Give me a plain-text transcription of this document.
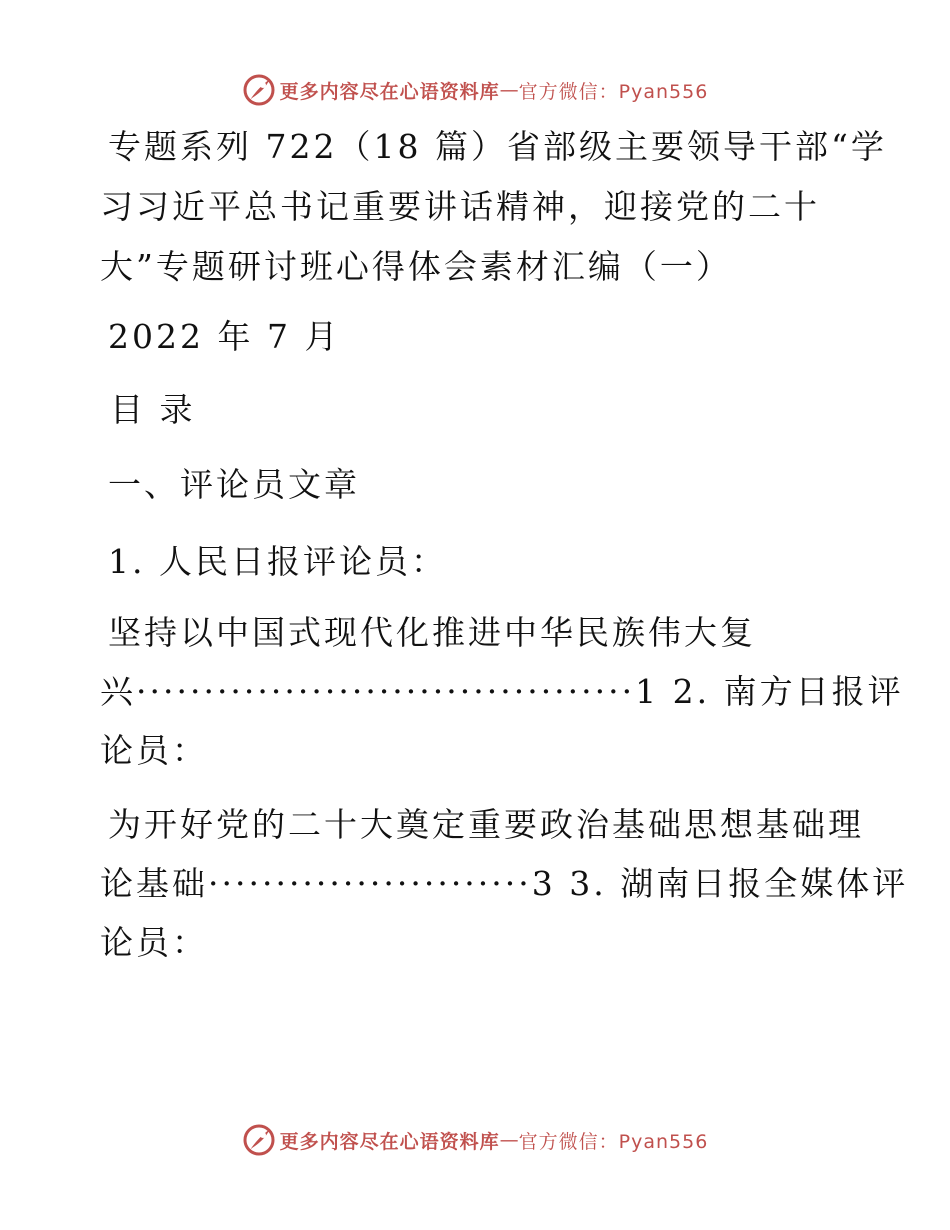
更多内容尽在心语资料库 — 官方微信：Pyan556
专题系列 722（18 篇）省部级主要领导干部“学
习习近平总书记重要讲话精神，迎接党的二十
大”专题研讨班心得体会素材汇编（一）
2022 年 7 月
目 录
一、评论员文章
1. 人民日报评论员：
坚持以中国式现代化推进中华民族伟大复
兴·····································1 2. 南方日报评
论员：
为开好党的二十大奠定重要政治基础思想基础理
论基础························3 3. 湖南日报全媒体评
论员：
更多内容尽在心语资料库 — 官方微信：Pyan556
